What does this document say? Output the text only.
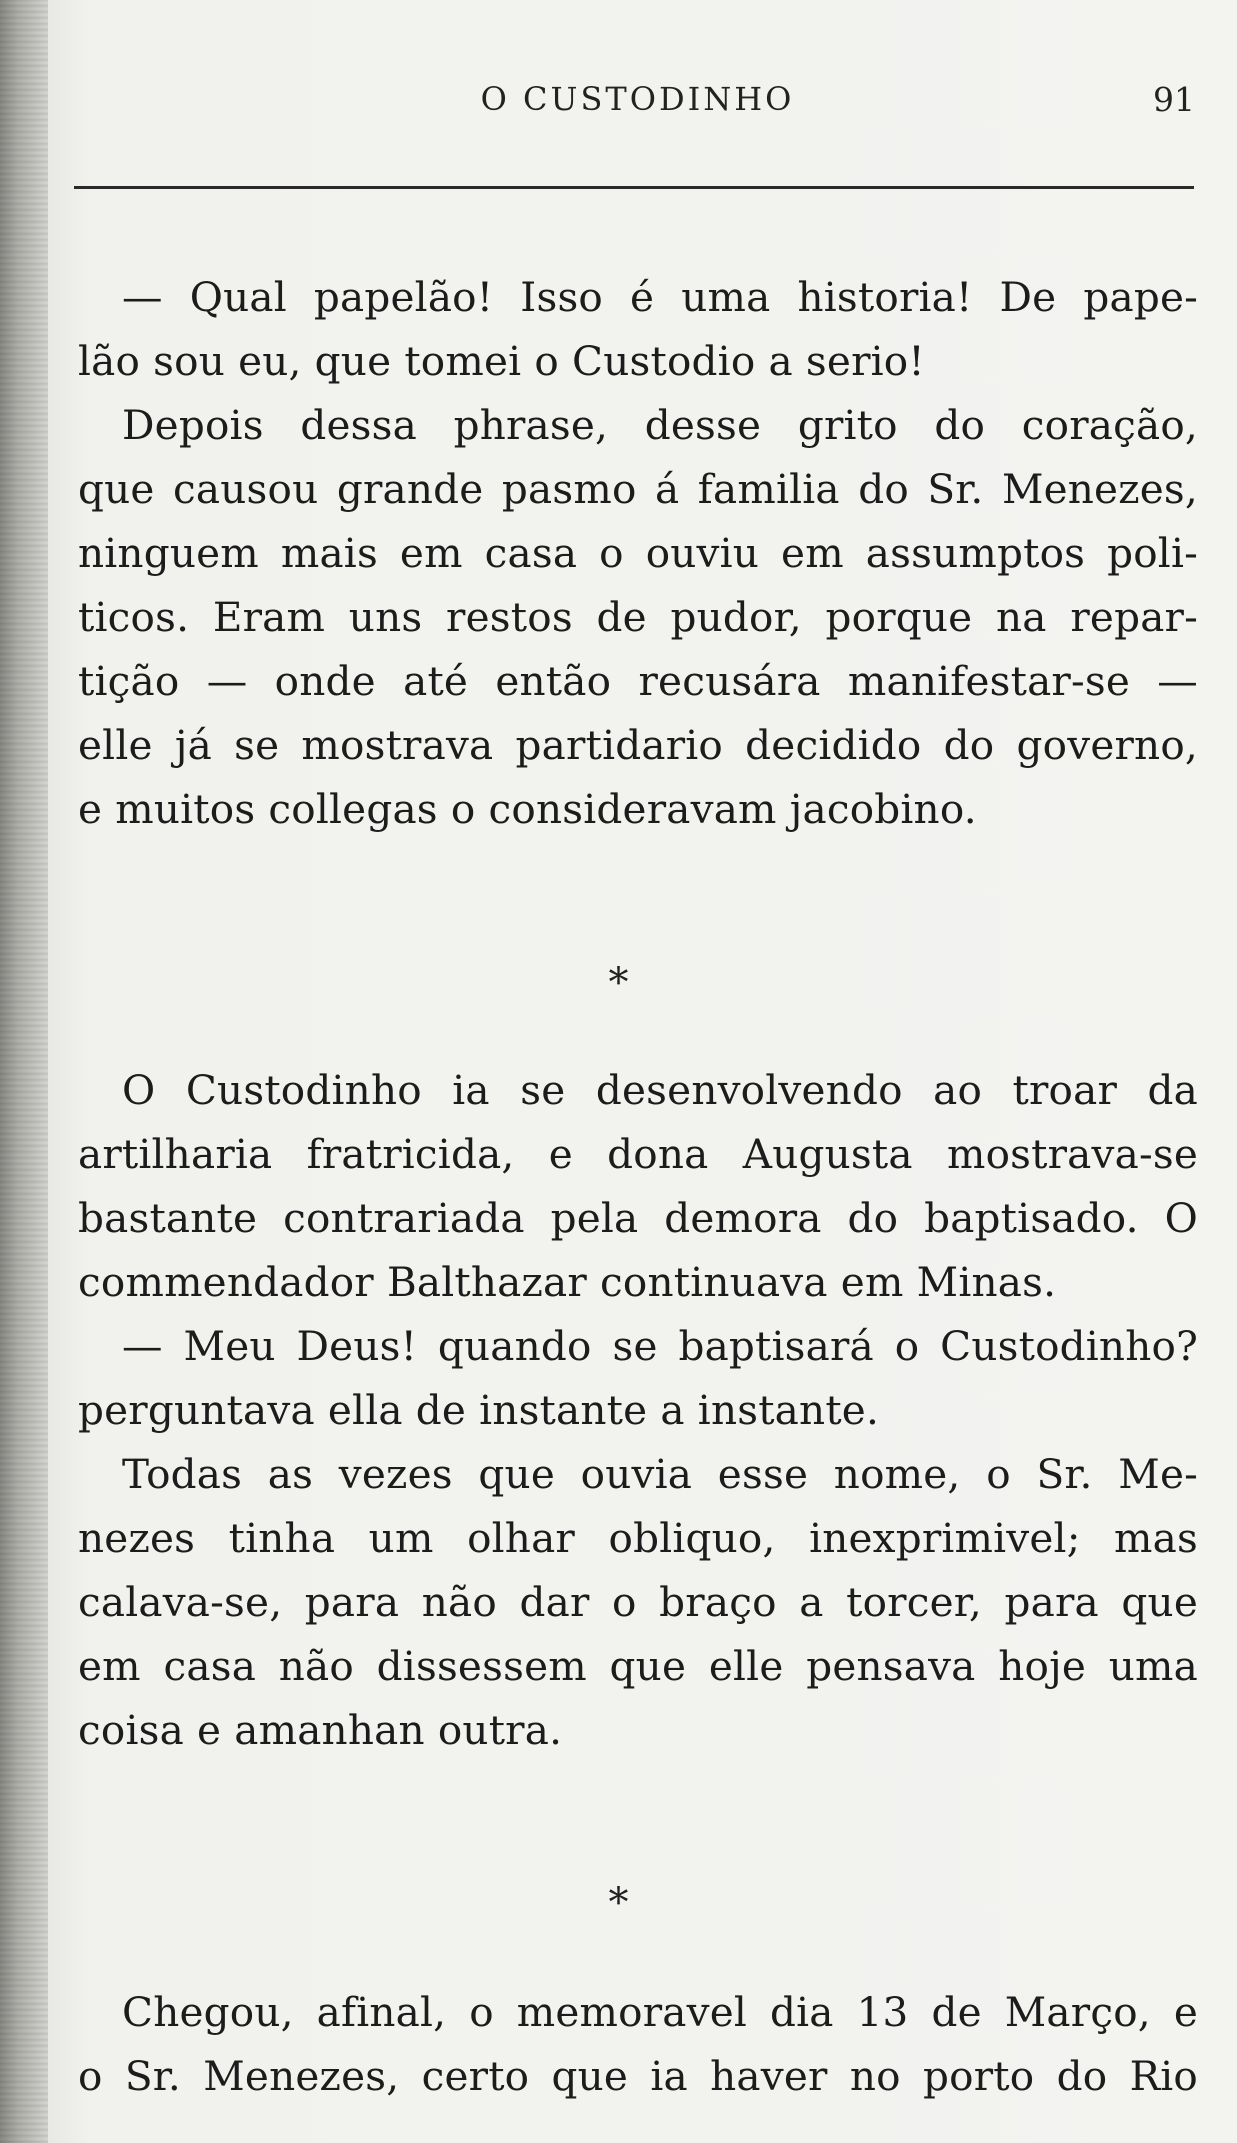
O CUSTODINHO	91
— Qual papelão! Isso é uma historia! De pape-
lão sou eu, que tomei o Custodio a serio!
Depois dessa phrase, desse grito do coração,
que causou grande pasmo á familia do Sr. Menezes,
ninguem mais em casa o ouviu em assumptos poli-
ticos. Eram uns restos de pudor, porque na repar-
tição — onde até então recusára manifestar-se —
elle já se mostrava partidario decidido do governo,
e muitos collegas o consideravam jacobino.
*
O Custodinho ia se desenvolvendo ao troar da
artilharia fratricida, e dona Augusta mostrava-se
bastante contrariada pela demora do baptisado. O
commendador Balthazar continuava em Minas.
— Meu Deus! quando se baptisará o Custodinho?
perguntava ella de instante a instante.
Todas as vezes que ouvia esse nome, o Sr. Me-
nezes tinha um olhar obliquo, inexprimivel; mas
calava-se, para não dar o braço a torcer, para que
em casa não dissessem que elle pensava hoje uma
coisa e amanhan outra.
*
Chegou, afinal, o memoravel dia 13 de Março, e
o Sr. Menezes, certo que ia haver no porto do Rio
